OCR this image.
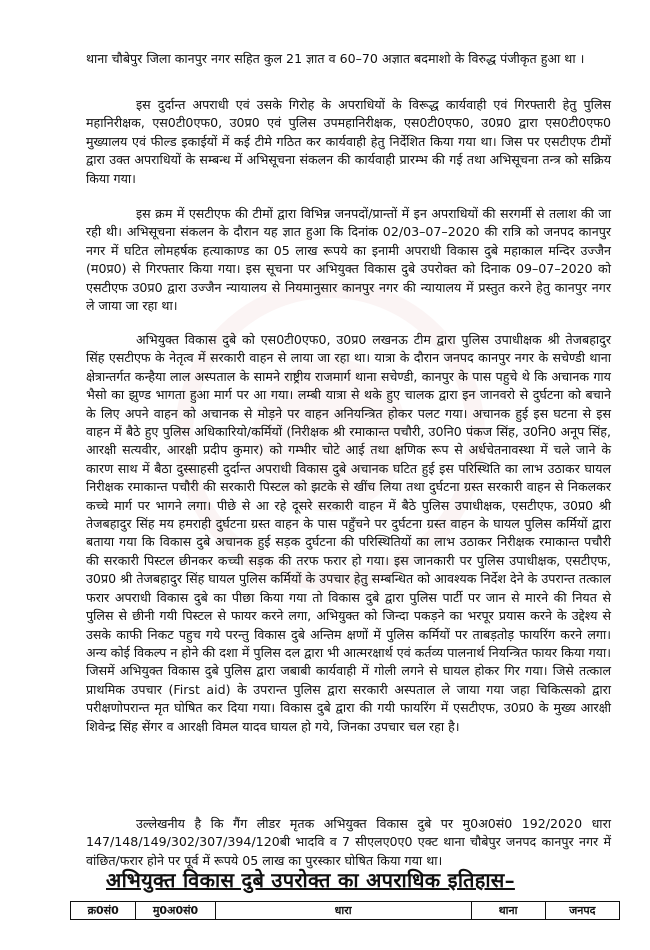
थाना चौबेपुर जिला कानपुर नगर सहित कुल 21 ज्ञात व 60–70 अज्ञात बदमाशो के विरुद्ध पंजीकृत हुआ था ।

इस दुर्दान्त अपराधी एवं उसके गिरोह के अपराधियों के विरूद्ध कार्यवाही एवं गिरफ्तारी हेतु पुलिस महानिरीक्षक, एस0टी0एफ0, उ0प्र0 एवं पुलिस उपमहानिरीक्षक, एस0टी0एफ0, उ0प्र0 द्वारा एस0टी0एफ0 मुख्यालय एवं फील्ड इकाईयों में कई टीमे गठित कर कार्यवाही हेतु निर्देशित किया गया था। जिस पर एसटीएफ टीमों द्वारा उक्त अपराधियों के सम्बन्ध में अभिसूचना संकलन की कार्यवाही प्रारम्भ की गई तथा अभिसूचना तन्त्र को सक्रिय किया गया।

इस क्रम में एसटीएफ की टीमों द्वारा विभिन्न जनपदों/प्रान्तों में इन अपराधियों की सरगर्मी से तलाश की जा रही थी। अभिसूचना संकलन के दौरान यह ज्ञात हुआ कि दिनांक 02/03–07–2020 की रात्रि को जनपद कानपुर नगर में घटित लोमहर्षक हत्याकाण्ड का 05 लाख रूपये का इनामी अपराधी विकास दुबे महाकाल मन्दिर उज्जैन (म0प्र0) से गिरफ्तार किया गया। इस सूचना पर अभियुक्त विकास दुबे उपरोक्त को दिनाक 09–07–2020 को एसटीएफ उ0प्र0 द्वारा उज्जैन न्यायालय से नियमानुसार कानपुर नगर की न्यायालय में प्रस्तुत करने हेतु कानपुर नगर ले जाया जा रहा था।

अभियुक्त विकास दुबे को एस0टी0एफ0, उ0प्र0 लखनऊ टीम द्वारा पुलिस उपाधीक्षक श्री तेजबहादुर सिंह एसटीएफ के नेतृत्व में सरकारी वाहन से लाया जा रहा था। यात्रा के दौरान जनपद कानपुर नगर के सचेण्डी थाना क्षेत्रान्तर्गत कन्हैया लाल अस्पताल के सामने राष्ट्रीय राजमार्ग थाना सचेण्डी, कानपुर के पास पहुचे थे कि अचानक गाय भैसो का झुण्ड भागता हुआ मार्ग पर आ गया। लम्बी यात्रा से थके हुए चालक द्वारा इन जानवरो से दुर्घटना को बचाने के लिए अपने वाहन को अचानक से मोड़ने पर वाहन अनियन्त्रित होकर पलट गया। अचानक हुई इस घटना से इस वाहन में बैठे हुए पुलिस अधिकारियो/कर्मियों (निरीक्षक श्री रमाकान्त पचौरी, उ0नि0 पंकज सिंह, उ0नि0 अनूप सिंह, आरक्षी सत्यवीर, आरक्षी प्रदीप कुमार) को गम्भीर चोटे आई तथा क्षणिक रूप से अर्धचेतनावस्था में चले जाने के कारण साथ में बैठा दुस्साहसी दुर्दान्त अपराधी विकास दुबे अचानक घटित हुई इस परिस्थिति का लाभ उठाकर घायल निरीक्षक रमाकान्त पचौरी की सरकारी पिस्टल को झटके से खींच लिया तथा दुर्घटना ग्रस्त सरकारी वाहन से निकलकर कच्चे मार्ग पर भागने लगा। पीछे से आ रहे दूसरे सरकारी वाहन में बैठे पुलिस उपाधीक्षक, एसटीएफ, उ0प्र0 श्री तेजबहादुर सिंह मय हमराही दुर्घटना ग्रस्त वाहन के पास पहुँचने पर दुर्घटना ग्रस्त वाहन के घायल पुलिस कर्मियों द्वारा बताया गया कि विकास दुबे अचानक हुई सड़क दुर्घटना की परिस्थितियों का लाभ उठाकर निरीक्षक रमाकान्त पचौरी की सरकारी पिस्टल छीनकर कच्ची सड़क की तरफ फरार हो गया। इस जानकारी पर पुलिस उपाधीक्षक, एसटीएफ, उ0प्र0 श्री तेजबहादुर सिंह घायल पुलिस कर्मियों के उपचार हेतु सम्बन्धित को आवश्यक निर्देश देने के उपरान्त तत्काल फरार अपराधी विकास दुबे का पीछा किया गया तो विकास दुबे द्वारा पुलिस पार्टी पर जान से मारने की नियत से पुलिस से छीनी गयी पिस्टल से फायर करने लगा, अभियुक्त को जिन्दा पकड़ने का भरपूर प्रयास करने के उद्देश्य से उसके काफी निकट पहुच गये परन्तु विकास दुबे अन्तिम क्षणों में पुलिस कर्मियों पर ताबड़तोड़ फायरिंग करने लगा। अन्य कोई विकल्प न होने की दशा में पुलिस दल द्वारा भी आत्मरक्षार्थ एवं कर्तव्य पालनार्थ नियन्त्रित फायर किया गया। जिसमें अभियुक्त विकास दुबे पुलिस द्वारा जबाबी कार्यवाही में गोली लगने से घायल होकर गिर गया। जिसे तत्काल प्राथमिक उपचार (First aid) के उपरान्त पुलिस द्वारा सरकारी अस्पताल ले जाया गया जहा चिकित्सको द्वारा परीक्षणोपरान्त मृत घोषित कर दिया गया। विकास दुबे द्वारा की गयी फायरिंग में एसटीएफ, उ0प्र0 के मुख्य आरक्षी शिवेन्द्र सिंह सेंगर व आरक्षी विमल यादव घायल हो गये, जिनका उपचार चल रहा है।

उल्लेखनीय है कि गैंग लीडर मृतक अभियुक्त विकास दुबे पर मु0अ0सं0 192/2020 धारा 147/148/149/302/307/394/120बी भादवि व 7 सीएलए0ए0 एक्ट थाना चौबेपुर जनपद कानपुर नगर में वांछित/फरार होने पर पूर्व में रूपये 05 लाख का पुरस्कार घोषित किया गया था।

अभियुक्त विकास दुबे उपरोक्त का अपराधिक इतिहास–
क्र0सं0	मु0अ0सं0	धारा	थाना	जनपद
